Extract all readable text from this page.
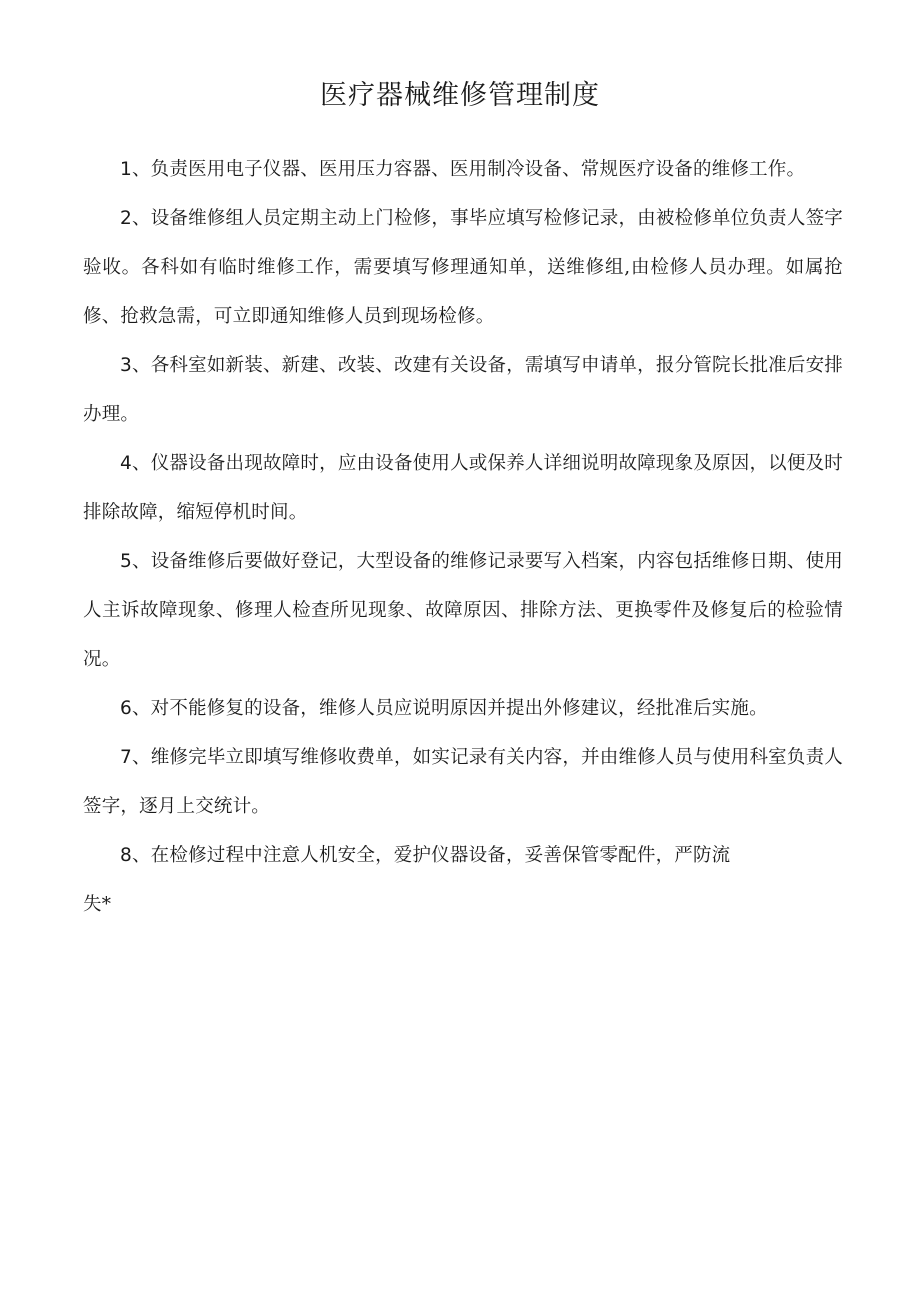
医疗器械维修管理制度

1、负责医用电子仪器、医用压力容器、医用制冷设备、常规医疗设备的维修工作。

2、设备维修组人员定期主动上门检修，事毕应填写检修记录，由被检修单位负责人签字验收。各科如有临时维修工作，需要填写修理通知单，送维修组,由检修人员办理。如属抢修、抢救急需，可立即通知维修人员到现场检修。

3、各科室如新装、新建、改装、改建有关设备，需填写申请单，报分管院长批准后安排办理。

4、仪器设备出现故障时，应由设备使用人或保养人详细说明故障现象及原因，以便及时排除故障，缩短停机时间。

5、设备维修后要做好登记，大型设备的维修记录要写入档案，内容包括维修日期、使用人主诉故障现象、修理人检查所见现象、故障原因、排除方法、更换零件及修复后的检验情况。

6、对不能修复的设备，维修人员应说明原因并提出外修建议，经批准后实施。

7、维修完毕立即填写维修收费单，如实记录有关内容，并由维修人员与使用科室负责人签字，逐月上交统计。

8、在检修过程中注意人机安全，爱护仪器设备，妥善保管零配件，严防流

失*
